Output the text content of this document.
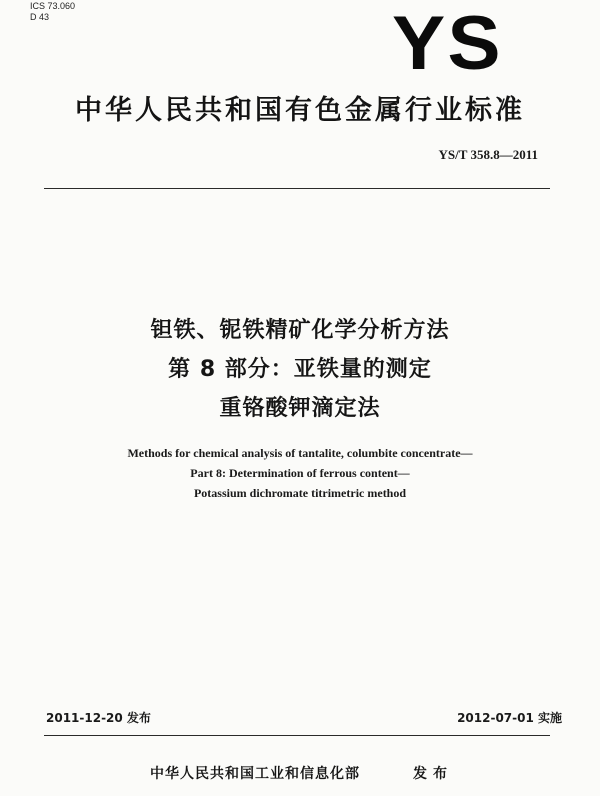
ICS 73.060
D 43	YS
中华人民共和国有色金属行业标准
YS/T 358.8—2011
钽铁、铌铁精矿化学分析方法
第 8 部分：亚铁量的测定
重铬酸钾滴定法
Methods for chemical analysis of tantalite, columbite concentrate—
Part 8: Determination of ferrous content—
Potassium dichromate titrimetric method
2011-12-20 发布	2012-07-01 实施
中华人民共和国工业和信息化部	发布
